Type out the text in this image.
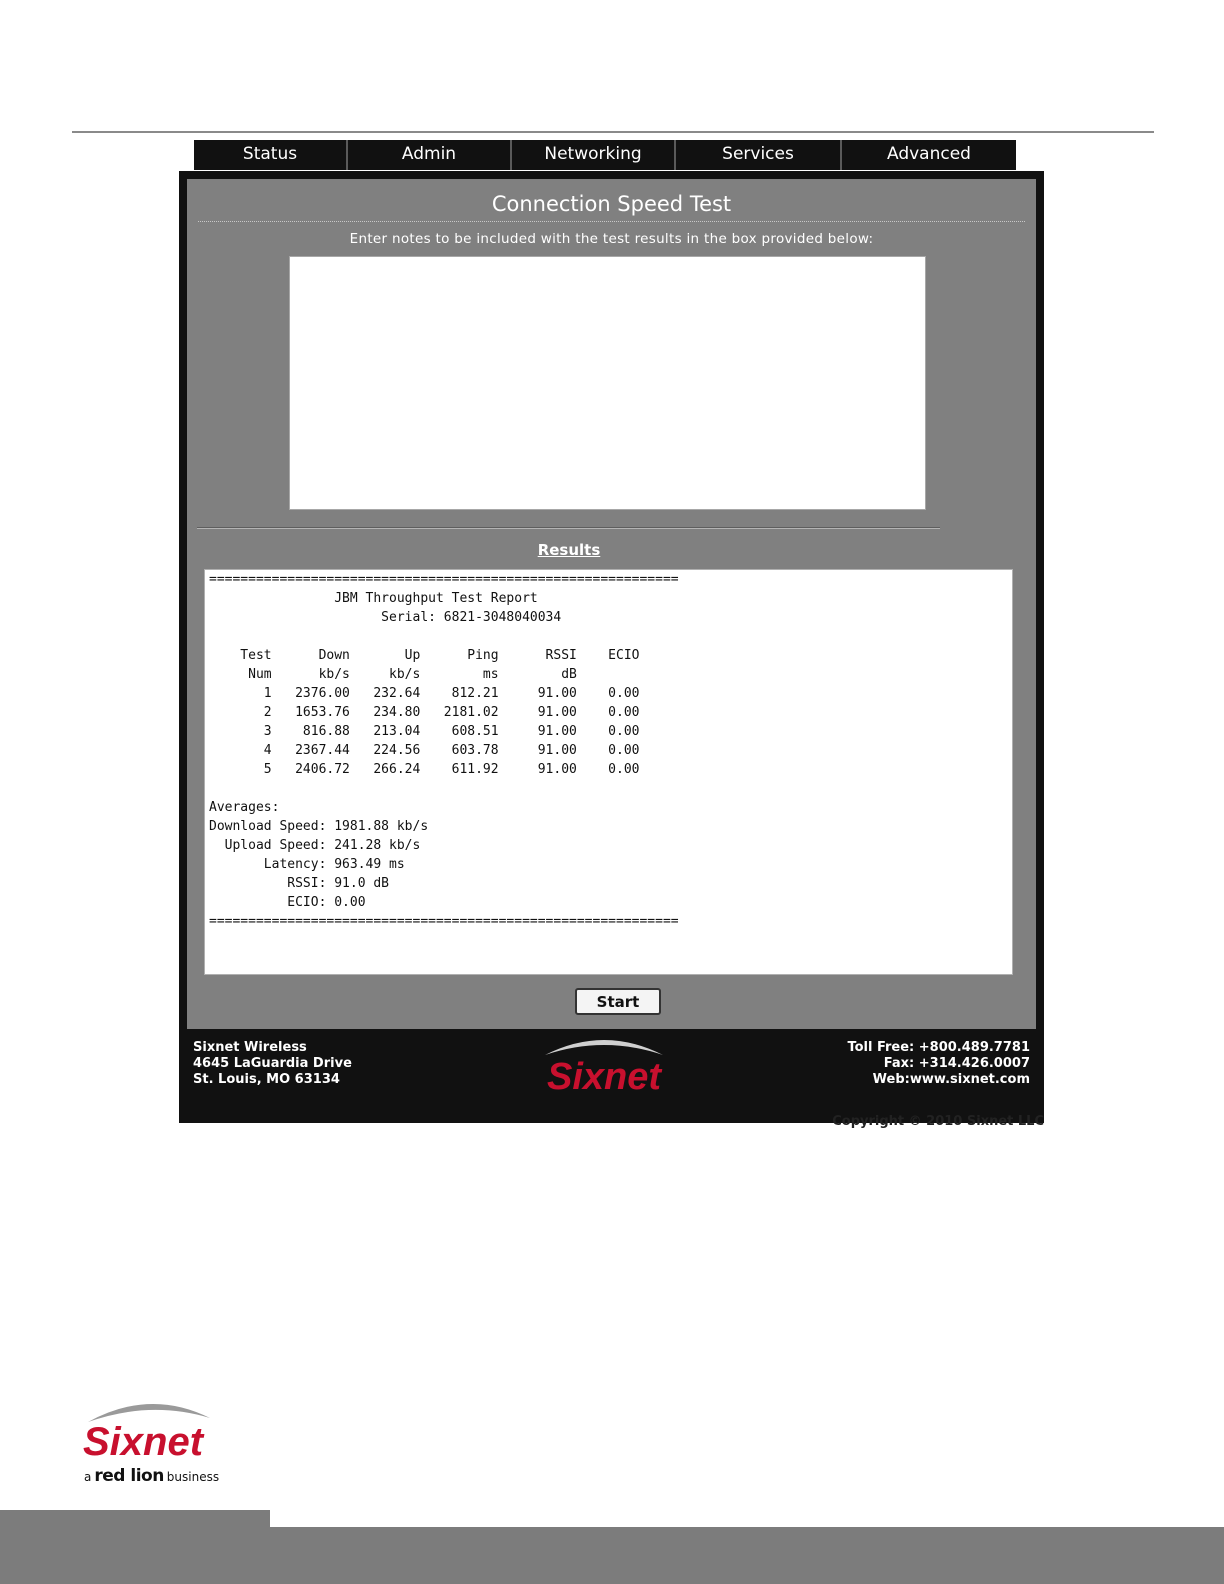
Status	Admin	Networking	Services	Advanced
Connection Speed Test
Enter notes to be included with the test results in the box provided below:
Results
============================================================
JBM Throughput Test Report
Serial: 6821-3048040034

Test      Down       Up      Ping      RSSI    ECIO
Num      kb/s     kb/s        ms        dB
1   2376.00   232.64    812.21     91.00    0.00
2   1653.76   234.80   2181.02     91.00    0.00
3    816.88   213.04    608.51     91.00    0.00
4   2367.44   224.56    603.78     91.00    0.00
5   2406.72   266.24    611.92     91.00    0.00

Averages:
Download Speed: 1981.88 kb/s
Upload Speed: 241.28 kb/s
Latency: 963.49 ms
RSSI: 91.0 dB
ECIO: 0.00
============================================================

Start
Sixnet Wireless
4645 LaGuardia Drive
St. Louis, MO 63134	Sixnet
Toll Free: +800.489.7781
Fax: +314.426.0007
Web:www.sixnet.com
Copyright © 2010 Sixnet LLC
Sixnet
a red lion business
